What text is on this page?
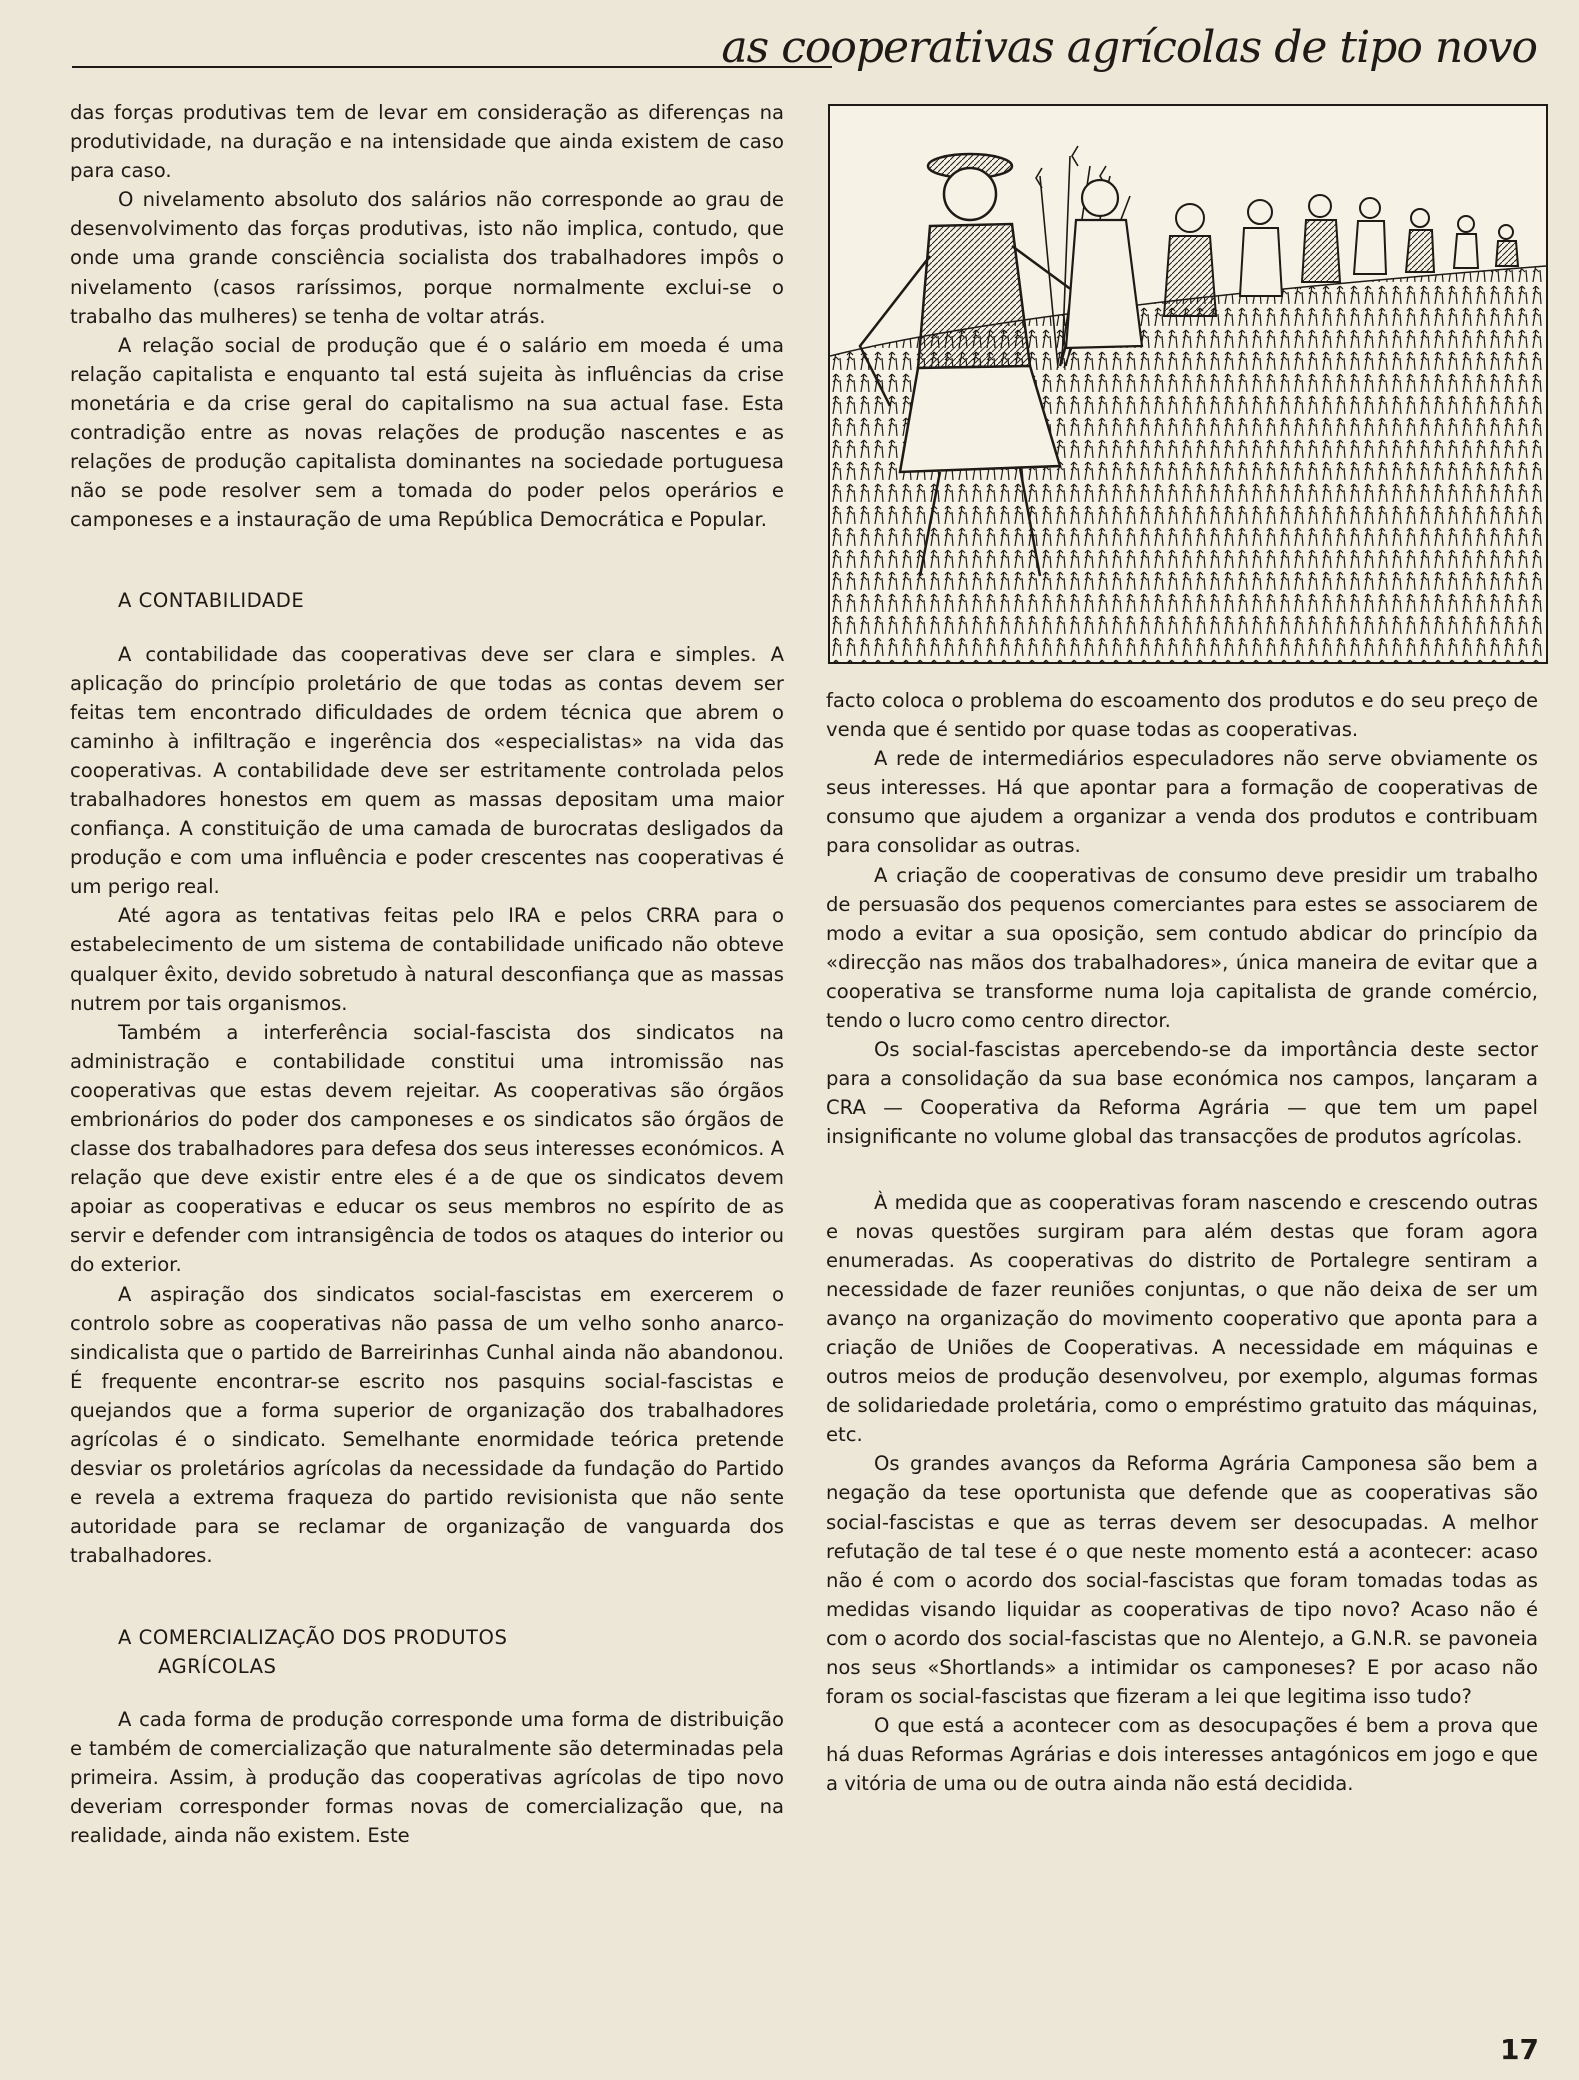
as cooperativas agrícolas de tipo novo

das forças produtivas tem de levar em consideração as diferenças na produtividade, na duração e na intensidade que ainda existem de caso para caso.

O nivelamento absoluto dos salários não corresponde ao grau de desenvolvimento das forças produtivas, isto não implica, contudo, que onde uma grande consciência socialista dos trabalhadores impôs o nivelamento (casos raríssimos, porque normalmente exclui-se o trabalho das mulheres) se tenha de voltar atrás.

A relação social de produção que é o salário em moeda é uma relação capitalista e enquanto tal está sujeita às influências da crise monetária e da crise geral do capitalismo na sua actual fase. Esta contradição entre as novas relações de produção nascentes e as relações de produção capitalista dominantes na sociedade portuguesa não se pode resolver sem a tomada do poder pelos operários e camponeses e a instauração de uma República Democrática e Popular.

A CONTABILIDADE

A contabilidade das cooperativas deve ser clara e simples. A aplicação do princípio proletário de que todas as contas devem ser feitas tem encontrado dificuldades de ordem técnica que abrem o caminho à infiltração e ingerência dos «especialistas» na vida das cooperativas. A contabilidade deve ser estritamente controlada pelos trabalhadores honestos em quem as massas depositam uma maior confiança. A constituição de uma camada de burocratas desligados da produção e com uma influência e poder crescentes nas cooperativas é um perigo real.

Até agora as tentativas feitas pelo IRA e pelos CRRA para o estabelecimento de um sistema de contabilidade unificado não obteve qualquer êxito, devido sobretudo à natural desconfiança que as massas nutrem por tais organismos.

Também a interferência social-fascista dos sindicatos na administração e contabilidade constitui uma intromissão nas cooperativas que estas devem rejeitar. As cooperativas são órgãos embrionários do poder dos camponeses e os sindicatos são órgãos de classe dos trabalhadores para defesa dos seus interesses económicos. A relação que deve existir entre eles é a de que os sindicatos devem apoiar as cooperativas e educar os seus membros no espírito de as servir e defender com intransigência de todos os ataques do interior ou do exterior.

A aspiração dos sindicatos social-fascistas em exercerem o controlo sobre as cooperativas não passa de um velho sonho anarco-sindicalista que o partido de Barreirinhas Cunhal ainda não abandonou. É frequente encontrar-se escrito nos pasquins social-fascistas e quejandos que a forma superior de organização dos trabalhadores agrícolas é o sindicato. Semelhante enormidade teórica pretende desviar os proletários agrícolas da necessidade da fundação do Partido e revela a extrema fraqueza do partido revisionista que não sente autoridade para se reclamar de organização de vanguarda dos trabalhadores.

A COMERCIALIZAÇÃO DOS PRODUTOS
AGRÍCOLAS

A cada forma de produção corresponde uma forma de distribuição e também de comercialização que naturalmente são determinadas pela primeira. Assim, à produção das cooperativas agrícolas de tipo novo deveriam corresponder formas novas de comercialização que, na realidade, ainda não existem. Este

facto coloca o problema do escoamento dos produtos e do seu preço de venda que é sentido por quase todas as cooperativas.

A rede de intermediários especuladores não serve obviamente os seus interesses. Há que apontar para a formação de cooperativas de consumo que ajudem a organizar a venda dos produtos e contribuam para consolidar as outras.

A criação de cooperativas de consumo deve presidir um trabalho de persuasão dos pequenos comerciantes para estes se associarem de modo a evitar a sua oposição, sem contudo abdicar do princípio da «direcção nas mãos dos trabalhadores», única maneira de evitar que a cooperativa se transforme numa loja capitalista de grande comércio, tendo o lucro como centro director.

Os social-fascistas apercebendo-se da importância deste sector para a consolidação da sua base económica nos campos, lançaram a CRA — Cooperativa da Reforma Agrária — que tem um papel insignificante no volume global das transacções de produtos agrícolas.

À medida que as cooperativas foram nascendo e crescendo outras e novas questões surgiram para além destas que foram agora enumeradas. As cooperativas do distrito de Portalegre sentiram a necessidade de fazer reuniões conjuntas, o que não deixa de ser um avanço na organização do movimento cooperativo que aponta para a criação de Uniões de Cooperativas. A necessidade em máquinas e outros meios de produção desenvolveu, por exemplo, algumas formas de solidariedade proletária, como o empréstimo gratuito das máquinas, etc.

Os grandes avanços da Reforma Agrária Camponesa são bem a negação da tese oportunista que defende que as cooperativas são social-fascistas e que as terras devem ser desocupadas. A melhor refutação de tal tese é o que neste momento está a acontecer: acaso não é com o acordo dos social-fascistas que foram tomadas todas as medidas visando liquidar as cooperativas de tipo novo? Acaso não é com o acordo dos social-fascistas que no Alentejo, a G.N.R. se pavoneia nos seus «Shortlands» a intimidar os camponeses? E por acaso não foram os social-fascistas que fizeram a lei que legitima isso tudo?

O que está a acontecer com as desocupações é bem a prova que há duas Reformas Agrárias e dois interesses antagónicos em jogo e que a vitória de uma ou de outra ainda não está decidida.

17
